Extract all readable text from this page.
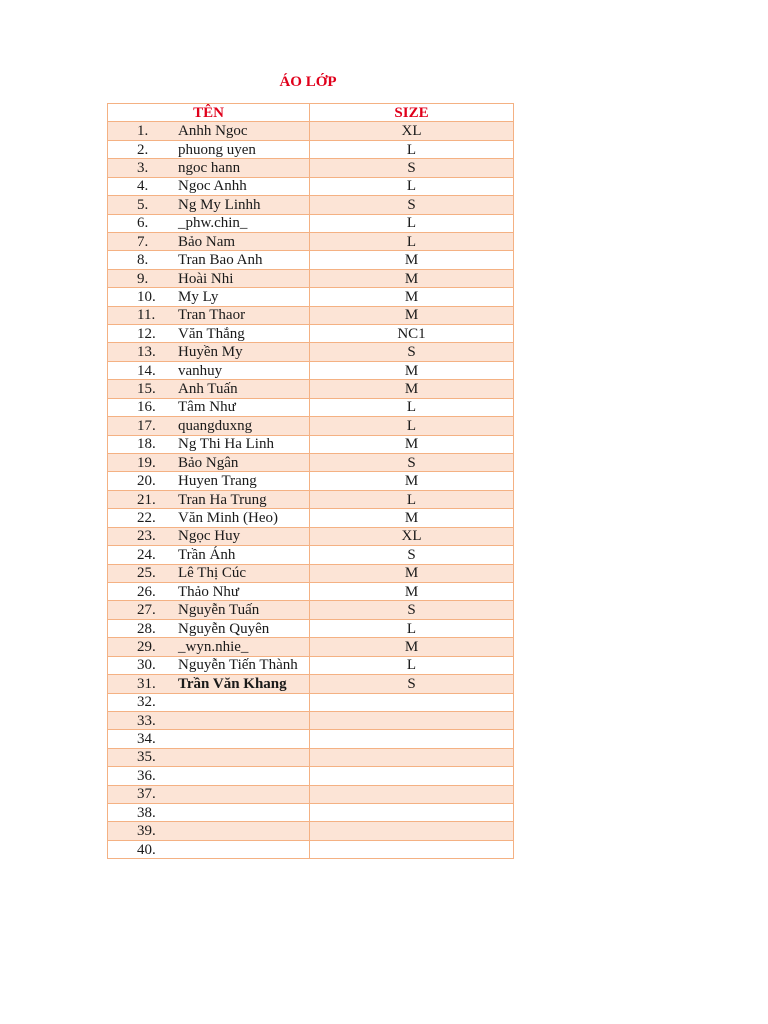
ÁO LỚP
TÊN	SIZE
1. Anhh Ngoc	XL
2. phuong uyen	L
3. ngoc hann	S
4. Ngoc Anhh	L
5. Ng My Linhh	S
6. _phw.chin_	L
7. Bảo Nam	L
8. Tran Bao Anh	M
9. Hoài Nhi	M
10. My Ly	M
11. Tran Thaor	M
12. Văn Thắng	NC1
13. Huyền My	S
14. vanhuy	M
15. Anh Tuấn	M
16. Tâm Như	L
17. quangduxng	L
18. Ng Thi Ha Linh	M
19. Bảo Ngân	S
20. Huyen Trang	M
21. Tran Ha Trung	L
22. Văn Minh (Heo)	M
23. Ngọc Huy	XL
24. Trần Ánh	S
25. Lê Thị Cúc	M
26. Thảo Như	M
27. Nguyễn Tuấn	S
28. Nguyễn Quyên	L
29. _wyn.nhie_	M
30. Nguyễn Tiến Thành	L
31. Trần Văn Khang	S
32.	
33.	
34.	
35.	
36.	
37.	
38.	
39.	
40.	
